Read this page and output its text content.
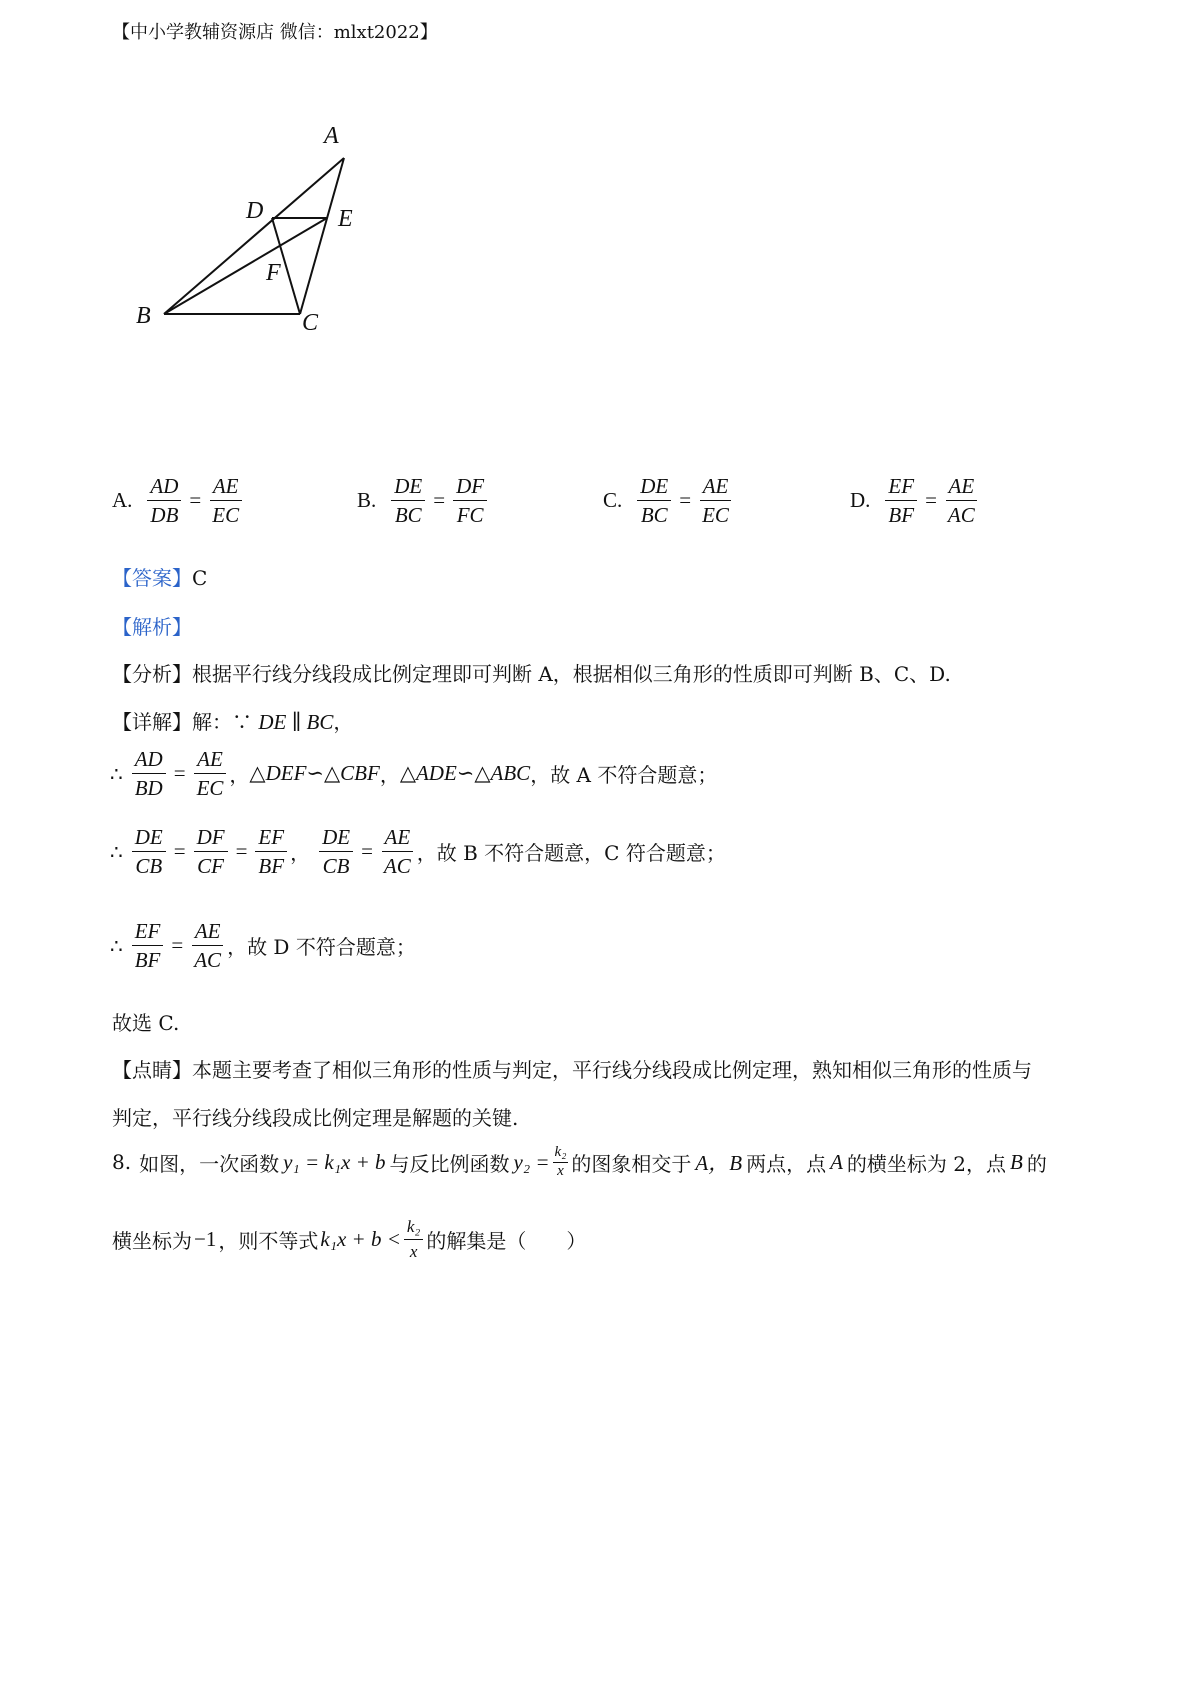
【中小学教辅资源店 微信：mlxt2022】
A
D	E
F
B	C
A. $\frac{AD}{DB} = \frac{AE}{EC}$	B. $\frac{DE}{BC} = \frac{DF}{FC}$	C. $\frac{DE}{BC} = \frac{AE}{EC}$	D. $\frac{EF}{BF} = \frac{AE}{AC}$
【答案】C
【解析】
【分析】根据平行线分线段成比例定理即可判断 A，根据相似三角形的性质即可判断 B、C、D.
【详解】解：∵ DE ∥ BC，
∴ $\frac{AD}{BD} = \frac{AE}{EC}$ ， △DEF∽△CBF ， △ADE∽△ABC ，故 A 不符合题意；
∴ $\frac{DE}{CB} = \frac{DF}{CF} = \frac{EF}{BF}$ ， $\frac{DE}{CB} = \frac{AE}{AC}$ ，故 B 不符合题意，C 符合题意；
∴ $\frac{EF}{BF} = \frac{AE}{AC}$ ，故 D 不符合题意；
故选 C.
【点睛】本题主要考查了相似三角形的性质与判定，平行线分线段成比例定理，熟知相似三角形的性质与
判定，平行线分线段成比例定理是解题的关键.
8. 如图，一次函数 y₁ = k₁x + b 与反比例函数 $y_2 = \frac{\text{k₂}}{x}$ 的图象相交于 A，B 两点，点 A 的横坐标为 2，点 B 的
横坐标为 −1 ，则不等式 $k_1x + b < \frac{\text{k₂}}{x}$ 的解集是（　　）
